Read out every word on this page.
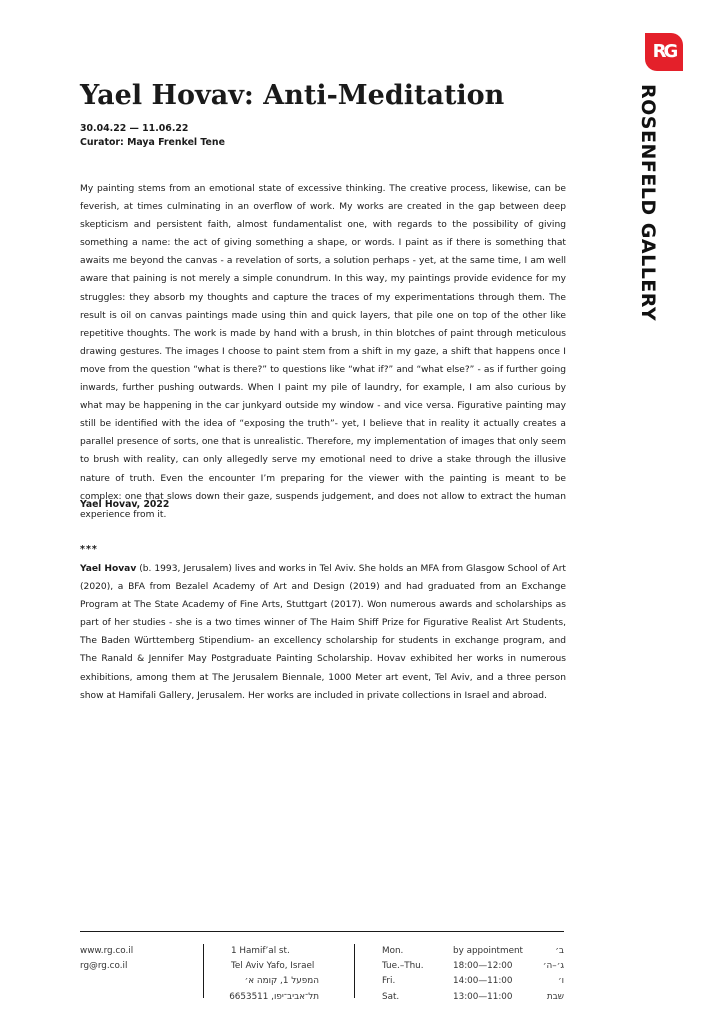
RG
ROSENFELD GALLERY
Yael Hovav: Anti-Meditation
30.04.22 — 11.06.22
Curator: Maya Frenkel Tene

My painting stems from an emotional state of excessive thinking. The creative process, likewise, can be feverish, at times culminating in an overflow of work. My works are created in the gap between deep skepticism and persistent faith, almost fundamentalist one, with regards to the possibility of giving something a name: the act of giving something a shape, or words. I paint as if there is something that awaits me beyond the canvas - a revelation of sorts, a solution perhaps - yet, at the same time, I am well aware that paining is not merely a simple conundrum. In this way, my paintings provide evidence for my struggles: they absorb my thoughts and capture the traces of my experimentations through them. The result is oil on canvas paintings made using thin and quick layers, that pile one on top of the other like repetitive thoughts. The work is made by hand with a brush, in thin blotches of paint through meticulous drawing gestures. The images I choose to paint stem from a shift in my gaze, a shift that happens once I move from the question “what is there?” to questions like “what if?” and “what else?” - as if further going inwards, further pushing outwards. When I paint my pile of laundry, for example, I am also curious by what may be happening in the car junkyard outside my window - and vice versa. Figurative painting may still be identified with the idea of “exposing the truth”- yet, I believe that in reality it actually creates a parallel presence of sorts, one that is unrealistic. Therefore, my implementation of images that only seem to brush with reality, can only allegedly serve my emotional need to drive a stake through the illusive nature of truth. Even the encounter I’m preparing for the viewer with the painting is meant to be complex: one that slows down their gaze, suspends judgement, and does not allow to extract the human experience from it.

Yael Hovav, 2022
***

Yael Hovav (b. 1993, Jerusalem) lives and works in Tel Aviv. She holds an MFA from Glasgow School of Art (2020), a BFA from Bezalel Academy of Art and Design (2019) and had graduated from an Exchange Program at The State Academy of Fine Arts, Stuttgart (2017). Won numerous awards and scholarships as part of her studies - she is a two times winner of The Haim Shiff Prize for Figurative Realist Art Students, The Baden Württemberg Stipendium- an excellency scholarship for students in exchange program, and The Ranald & Jennifer May Postgraduate Painting Scholarship. Hovav exhibited her works in numerous exhibitions, among them at The Jerusalem Biennale, 1000 Meter art event, Tel Aviv, and a three person show at Hamifali Gallery, Jerusalem. Her works are included in private collections in Israel and abroad.

www.rg.co.il
rg@rg.co.il
1 Hamif’al st.
Tel Aviv Yafo, Israel
המפעל 1, קומה א׳
תל־אביב־יפו, 6653511
Mon.	by appointment	ב׳
Tue.–Thu.	18:00—12:00	ג׳–ה׳
Fri.	14:00—11:00	ו׳
Sat.	13:00—11:00	שבת
